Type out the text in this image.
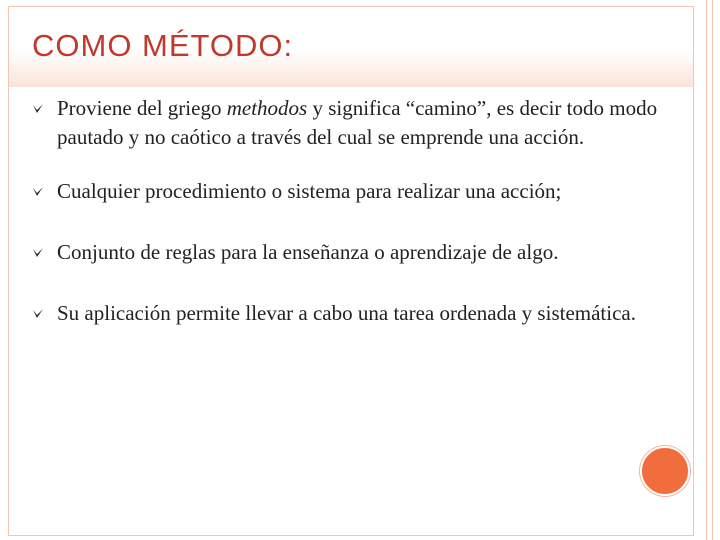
COMO MÉTODO:
Proviene del griego methodos y significa “camino”, es decir todo modo pautado y no caótico a través del cual se emprende una acción.
Cualquier procedimiento o sistema para realizar una acción;
Conjunto de reglas para la enseñanza o aprendizaje de algo.
Su aplicación permite llevar a cabo una tarea ordenada y sistemática.
